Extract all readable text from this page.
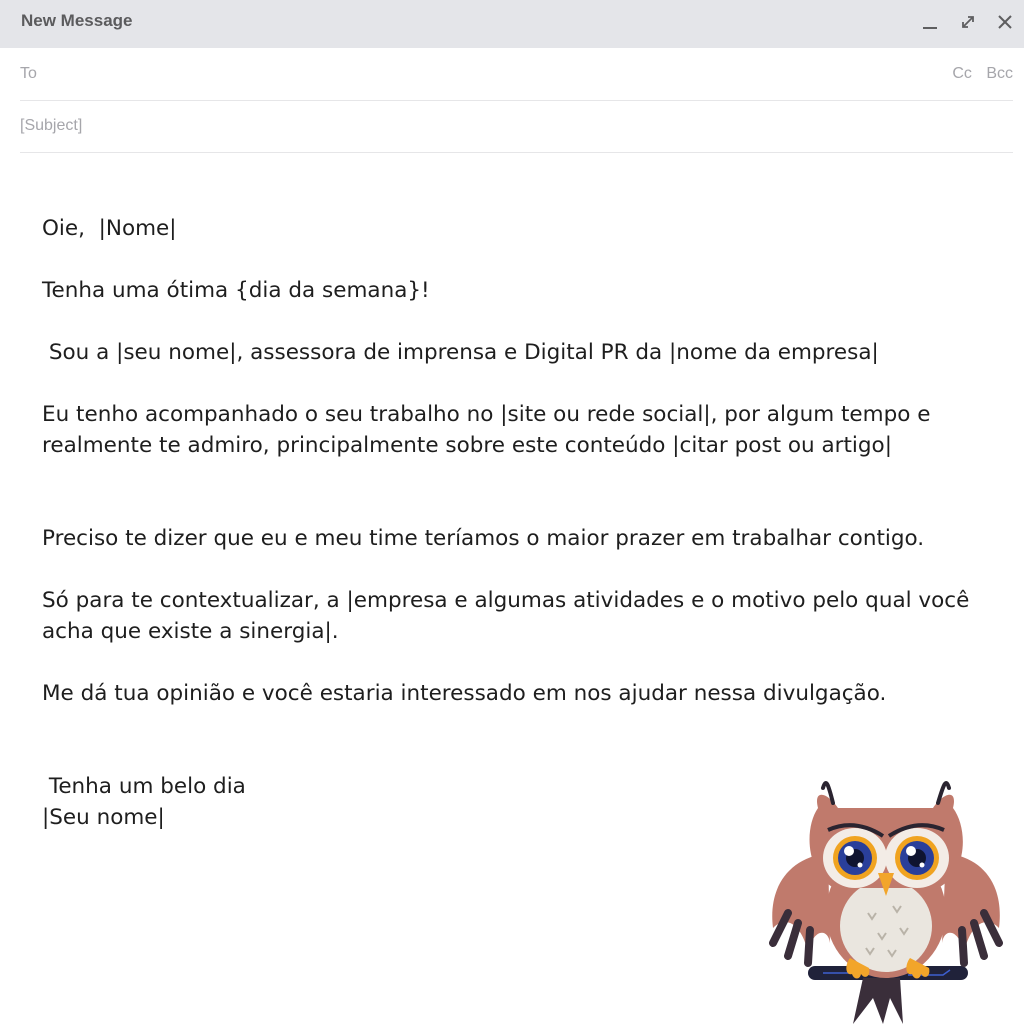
New Message
To	Cc Bcc
[Subject]

Oie,  |Nome|

Tenha uma ótima {dia da semana}!

Sou a |seu nome|, assessora de imprensa e Digital PR da |nome da empresa|

Eu tenho acompanhado o seu trabalho no |site ou rede social|, por algum tempo e

realmente te admiro, principalmente sobre este conteúdo |citar post ou artigo|

Preciso te dizer que eu e meu time teríamos o maior prazer em trabalhar contigo.

Só para te contextualizar, a |empresa e algumas atividades e o motivo pelo qual você

acha que existe a sinergia|.

Me dá tua opinião e você estaria interessado em nos ajudar nessa divulgação.

Tenha um belo dia

|Seu nome|
